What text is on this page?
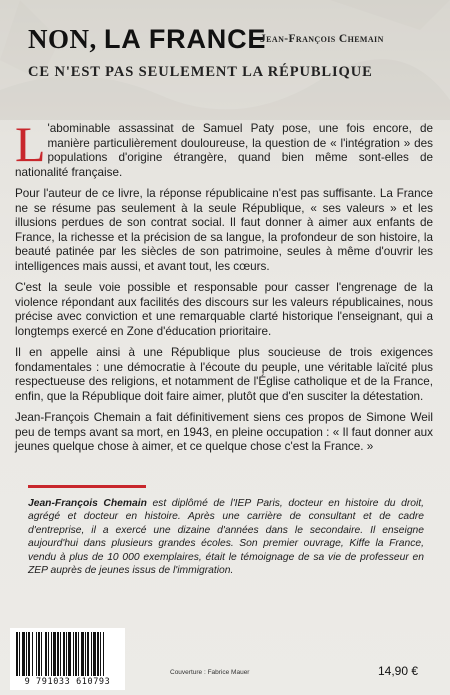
NON, LA FRANCE
Jean-François Chemain
CE N'EST PAS SEULEMENT LA RÉPUBLIQUE

L 'abominable assassinat de Samuel Paty pose, une fois encore, de manière particulièrement douloureuse, la question de « l'intégration » des populations d'origine étrangère, quand bien même sont-elles de nationalité française.

Pour l'auteur de ce livre, la réponse républicaine n'est pas suffisante. La France ne se résume pas seulement à la seule République, « ses valeurs » et les illusions perdues de son contrat social. Il faut donner à aimer aux enfants de France, la richesse et la précision de sa langue, la profondeur de son histoire, la beauté patinée par les siècles de son patrimoine, seules à même d'ouvrir les intelligences mais aussi, et avant tout, les cœurs.

C'est la seule voie possible et responsable pour casser l'engrenage de la violence répondant aux facilités des discours sur les valeurs républicaines, nous précise avec conviction et une remarquable clarté historique l'enseignant, qui a longtemps exercé en Zone d'éducation prioritaire.

Il en appelle ainsi à une République plus soucieuse de trois exigences fondamentales : une démocratie à l'écoute du peuple, une véritable laïcité plus respectueuse des religions, et notamment de l'Église catholique et de la France, enfin, que la République doit faire aimer, plutôt que d'en susciter la détestation.

Jean-François Chemain a fait définitivement siens ces propos de Simone Weil peu de temps avant sa mort, en 1943, en pleine occupation : « Il faut donner aux jeunes quelque chose à aimer, et ce quelque chose c'est la France. »

Jean-François Chemain est diplômé de l'IEP Paris, docteur en histoire du droit, agrégé et docteur en histoire. Après une carrière de consultant et de cadre d'entreprise, il a exercé une dizaine d'années dans le secondaire. Il enseigne aujourd'hui dans plusieurs grandes écoles. Son premier ouvrage, Kiffe la France, vendu à plus de 10 000 exemplaires, était le témoignage de sa vie de professeur en ZEP auprès de jeunes issus de l'immigration.
9 791033 610793
Couverture : Fabrice Mauer	14,90 €
